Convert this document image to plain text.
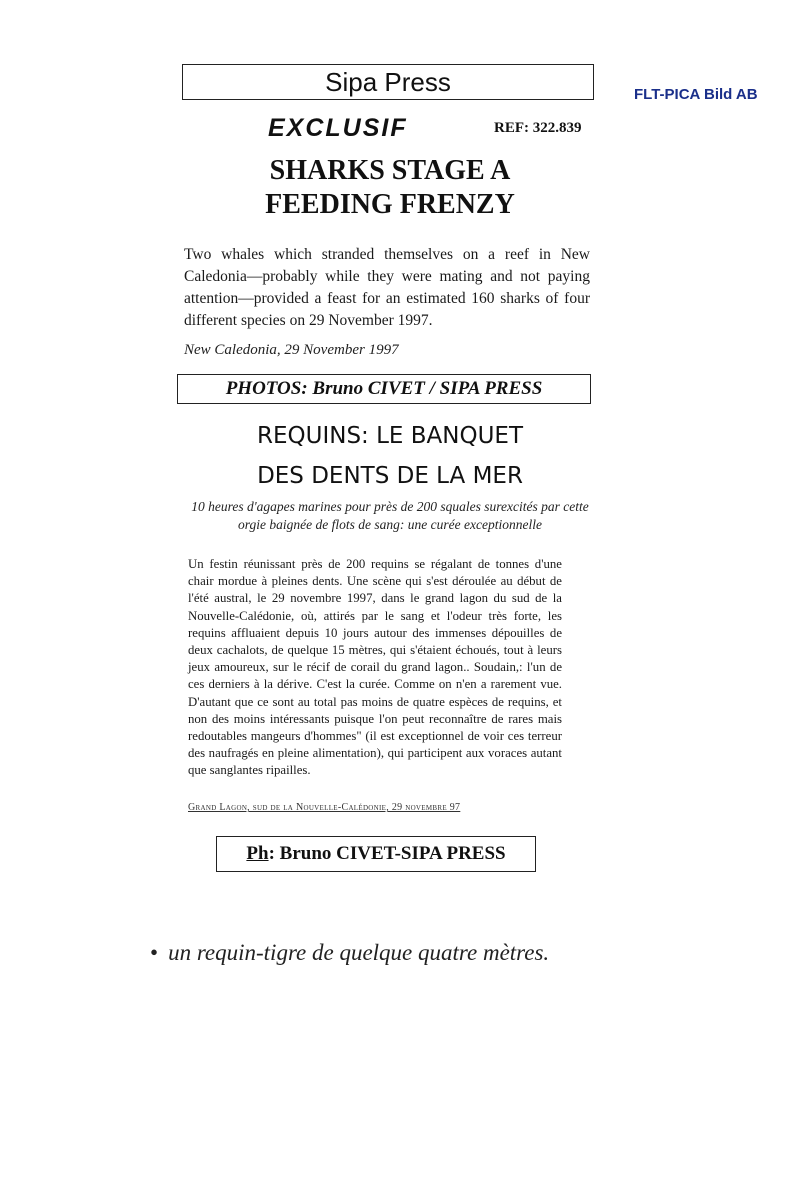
Sipa Press	FLT-PICA Bild AB
EXCLUSIF	REF: 322.839
SHARKS STAGE A
FEEDING FRENZY
Two whales which stranded themselves on a reef in New Caledonia—probably while they were mating and not paying attention—provided a feast for an estimated 160 sharks of four different species on 29 November 1997.
New Caledonia, 29 November 1997
PHOTOS: Bruno CIVET / SIPA PRESS
REQUINS: LE BANQUET
DES DENTS DE LA MER
10 heures d'agapes marines pour près de 200 squales surexcités par cette orgie baignée de flots de sang: une curée exceptionnelle
Un festin réunissant près de 200 requins se régalant de tonnes d'une chair mordue à pleines dents. Une scène qui s'est déroulée au début de l'été austral, le 29 novembre 1997, dans le grand lagon du sud de la Nouvelle-Calédonie, où, attirés par le sang et l'odeur très forte, les requins affluaient depuis 10 jours autour des immenses dépouilles de deux cachalots, de quelque 15 mètres, qui s'étaient échoués, tout à leurs jeux amoureux, sur le récif de corail du grand lagon.. Soudain,: l'un de ces derniers à la dérive. C'est la curée. Comme on n'en a rarement vue. D'autant que ce sont au total pas moins de quatre espèces de requins, et non des moins intéressants puisque l'on peut reconnaître de rares mais redoutables mangeurs d'hommes" (il est exceptionnel de voir ces terreur des naufragés en pleine alimentation), qui participent aux voraces autant que sanglantes ripailles.
Grand Lagon, sud de la Nouvelle-Calédonie, 29 novembre 97
Ph : Bruno CIVET-SIPA PRESS
• un requin-tigre de quelque quatre mètres.
